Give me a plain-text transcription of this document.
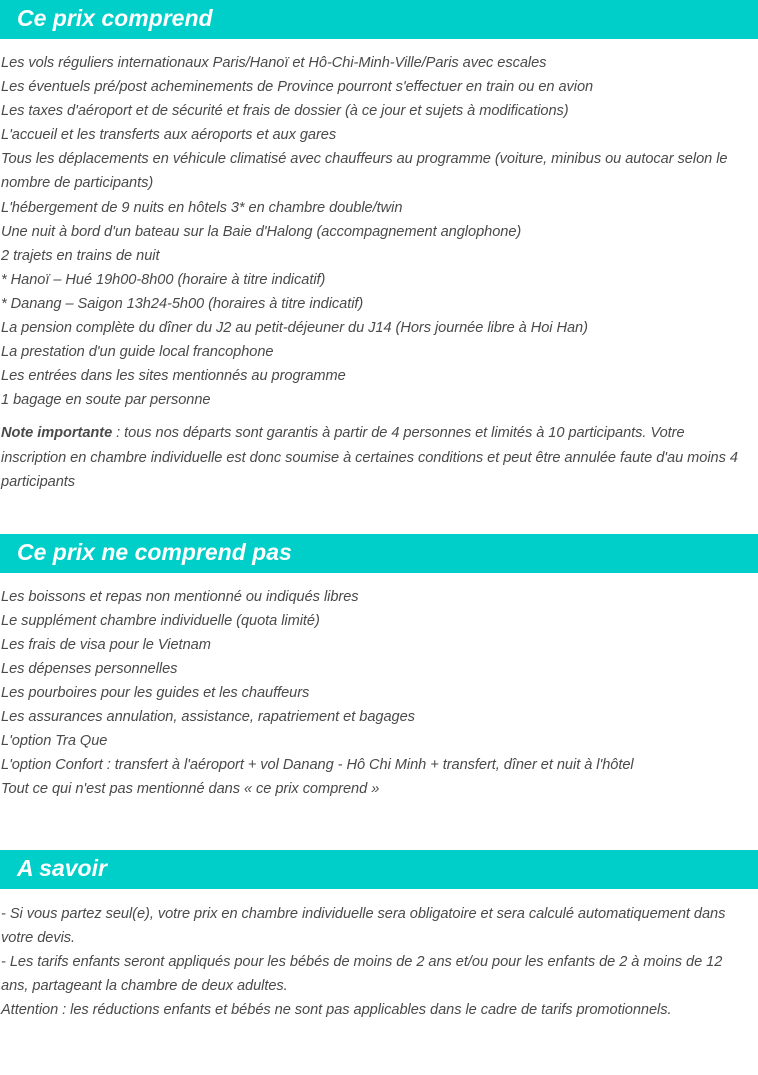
Ce prix comprend

Les vols réguliers internationaux Paris/Hanoï et Hô-Chi-Minh-Ville/Paris avec escales

Les éventuels pré/post acheminements de Province pourront s'effectuer en train ou en avion

Les taxes d'aéroport et de sécurité et frais de dossier (à ce jour et sujets à modifications)

L'accueil et les transferts aux aéroports et aux gares

Tous les déplacements en véhicule climatisé avec chauffeurs au programme (voiture, minibus ou autocar selon le nombre de participants)

L'hébergement de 9 nuits en hôtels 3* en chambre double/twin

Une nuit à bord d'un bateau sur la Baie d'Halong (accompagnement anglophone)

2 trajets en trains de nuit

* Hanoï – Hué 19h00-8h00 (horaire à titre indicatif)

* Danang – Saigon 13h24-5h00 (horaires à titre indicatif)

La pension complète du dîner du J2 au petit-déjeuner du J14 (Hors journée libre à Hoi Han)

La prestation d'un guide local francophone

Les entrées dans les sites mentionnés au programme

1 bagage en soute par personne

Note importante : tous nos départs sont garantis à partir de 4 personnes et limités à 10 participants. Votre inscription en chambre individuelle est donc soumise à certaines conditions et peut être annulée faute d'au moins 4 participants

Ce prix ne comprend pas

Les boissons et repas non mentionné ou indiqués libres

Le supplément chambre individuelle (quota limité)

Les frais de visa pour le Vietnam

Les dépenses personnelles

Les pourboires pour les guides et les chauffeurs

Les assurances annulation, assistance, rapatriement et bagages

L'option Tra Que

L'option Confort : transfert à l'aéroport + vol Danang - Hô Chi Minh + transfert, dîner et nuit à l'hôtel

Tout ce qui n'est pas mentionné dans « ce prix comprend »

A savoir

- Si vous partez seul(e), votre prix en chambre individuelle sera obligatoire et sera calculé automatiquement dans votre devis.

- Les tarifs enfants seront appliqués pour les bébés de moins de 2 ans et/ou pour les enfants de 2 à moins de 12 ans, partageant la chambre de deux adultes.

Attention : les réductions enfants et bébés ne sont pas applicables dans le cadre de tarifs promotionnels.
